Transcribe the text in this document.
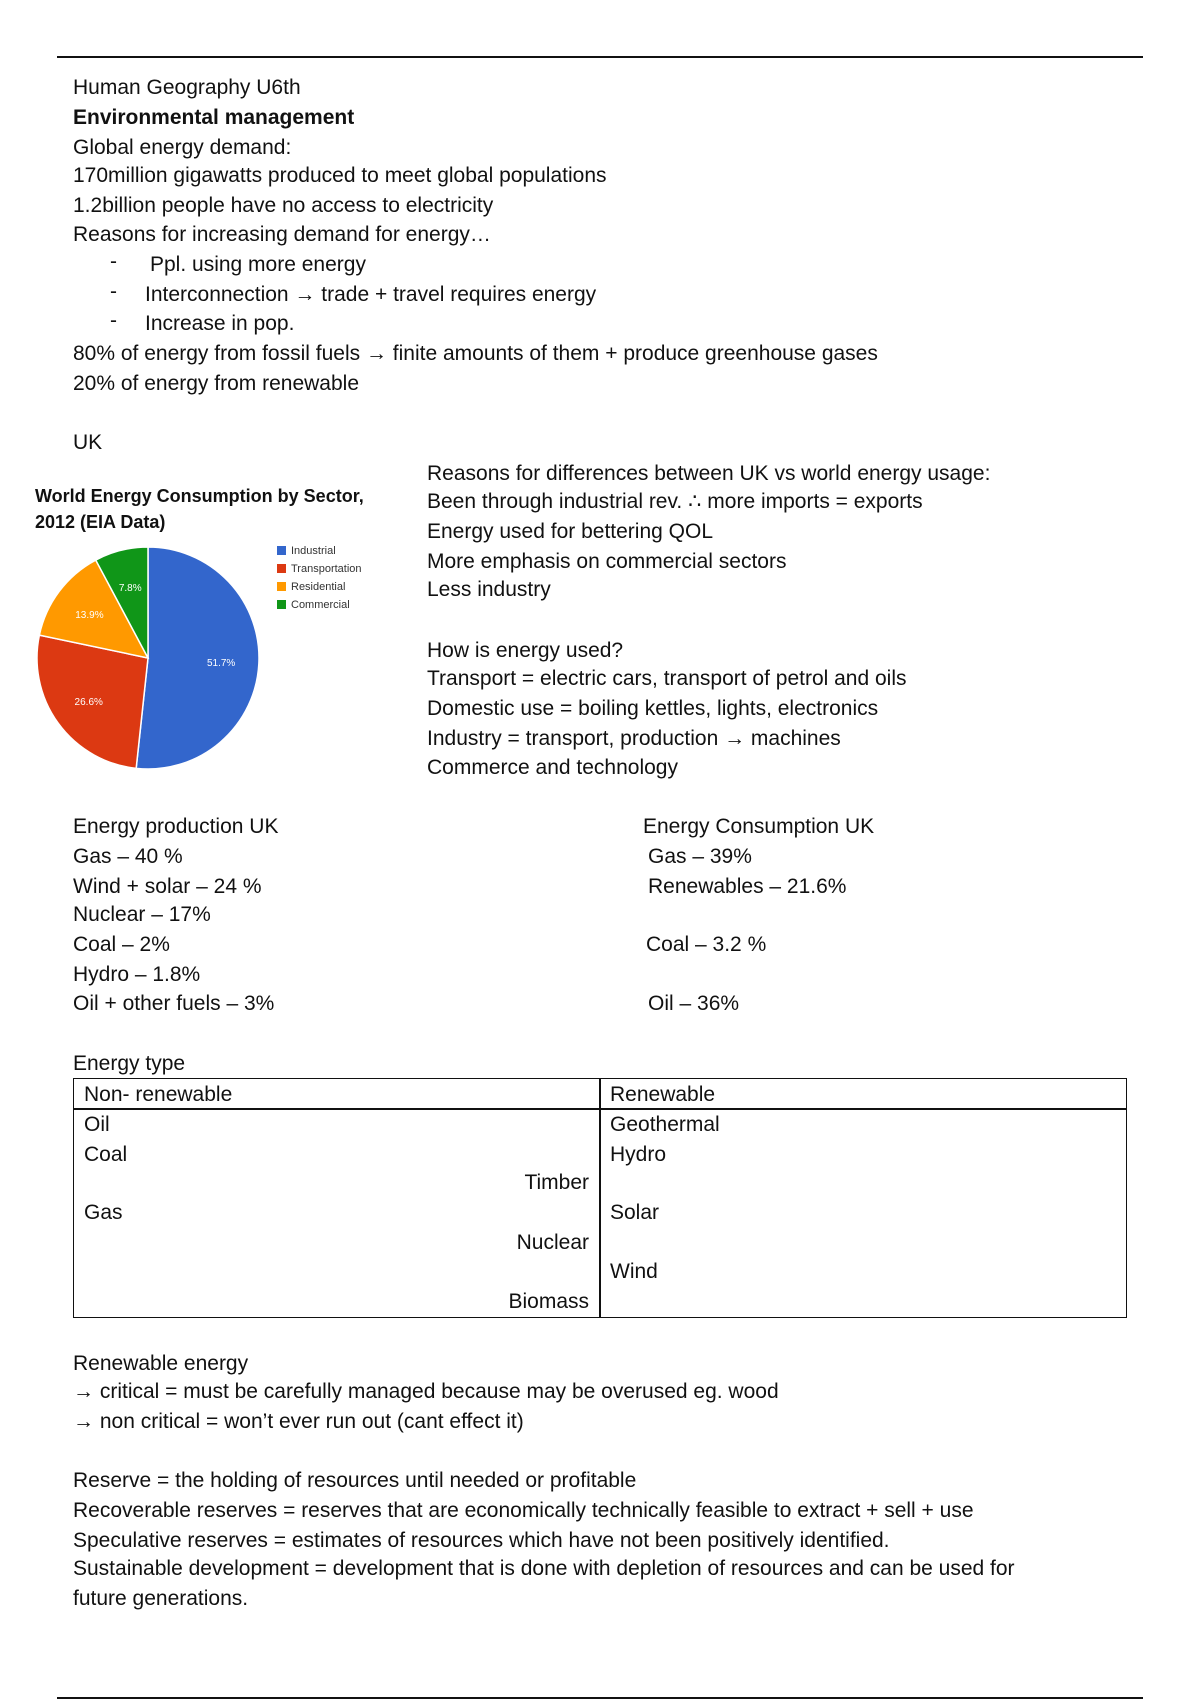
Human Geography U6th
Environmental management
Global energy demand:
170million gigawatts produced to meet global populations
1.2billion people have no access to electricity
Reasons for increasing demand for energy…
- Ppl. using more energy
- Interconnection → trade + travel requires energy
- Increase in pop.
80% of energy from fossil fuels → finite amounts of them + produce greenhouse gases
20% of energy from renewable
UK
World Energy Consumption by Sector,
2012 (EIA Data)
51.7%
26.6%
13.9%
7.8%
Industrial
Transportation
Residential
Commercial
Reasons for differences between UK vs world energy usage:
Been through industrial rev. ∴ more imports = exports
Energy used for bettering QOL
More emphasis on commercial sectors
Less industry
How is energy used?
Transport = electric cars, transport of petrol and oils
Domestic use = boiling kettles, lights, electronics
Industry = transport, production → machines
Commerce and technology
Energy production UK
Gas – 40 %
Wind + solar – 24 %
Nuclear – 17%
Coal – 2%
Hydro – 1.8%
Oil + other fuels – 3%
Energy Consumption UK
Gas – 39%
Renewables – 21.6%
Coal – 3.2 %
Oil – 36%
Energy type
Non- renewable	Renewable
Oil
Coal
Timber
Gas
Nuclear
Biomass
Geothermal
Hydro
Solar
Wind
Renewable energy
→ critical = must be carefully managed because may be overused eg. wood
→ non critical = won’t ever run out (cant effect it)
Reserve = the holding of resources until needed or profitable
Recoverable reserves = reserves that are economically technically feasible to extract + sell + use
Speculative reserves = estimates of resources which have not been positively identified.
Sustainable development = development that is done with depletion of resources and can be used for
future generations.
